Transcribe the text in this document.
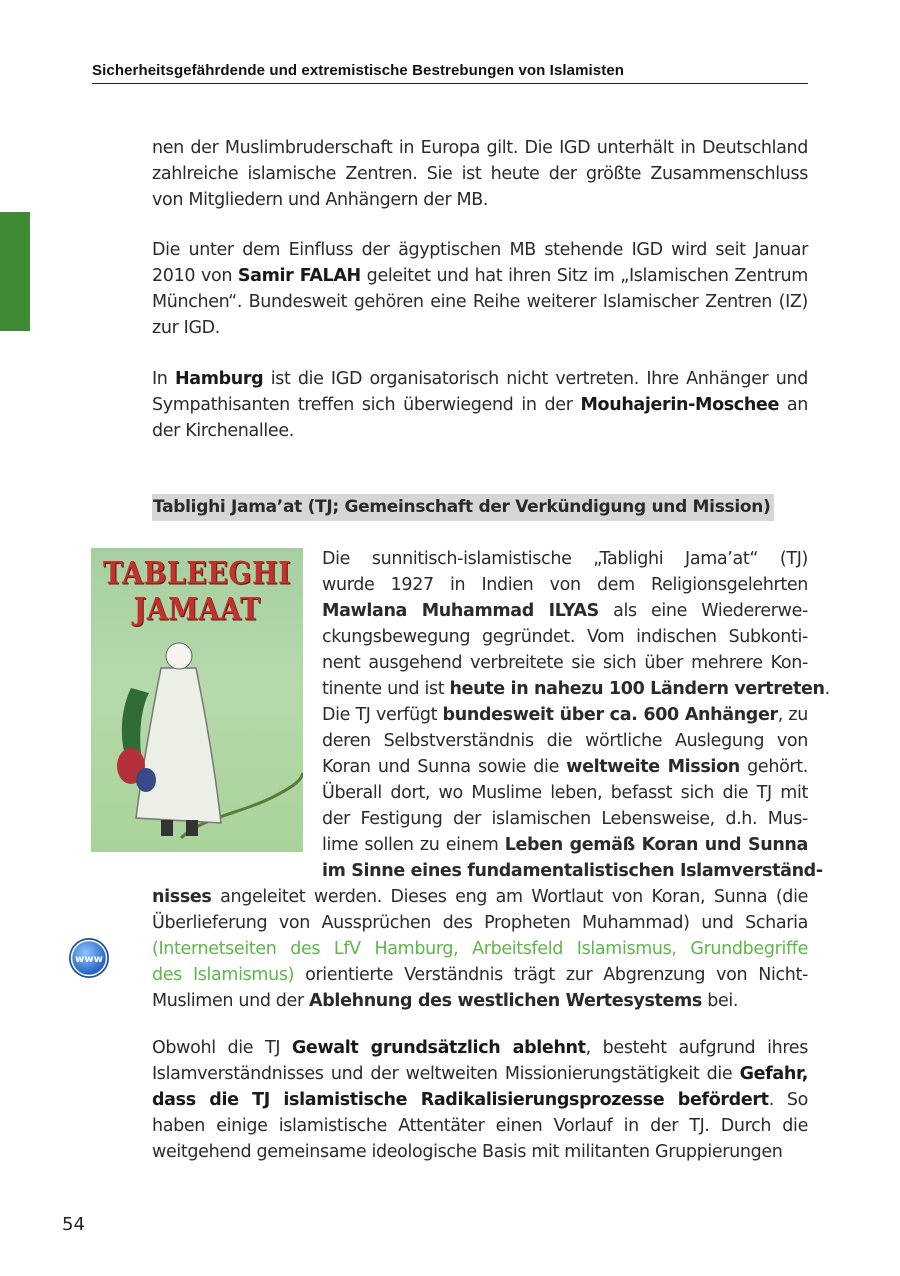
Sicherheitsgefährdende und extremistische Bestrebungen von Islamisten

nen der Muslimbruderschaft in Europa gilt. Die IGD unterhält in Deutschland zahlreiche islamische Zentren. Sie ist heute der größte Zusammenschluss von Mitgliedern und Anhängern der MB.

Die unter dem Einfluss der ägyptischen MB stehende IGD wird seit Januar 2010 von Samir FALAH geleitet und hat ihren Sitz im „Islamischen Zentrum München“. Bundesweit gehören eine Reihe weiterer Islamischer Zentren (IZ) zur IGD.

In Hamburg ist die IGD organisatorisch nicht vertreten. Ihre Anhänger und Sympathisanten treffen sich überwiegend in der Mouhajerin-Moschee an der Kirchenallee.

Tablighi Jama’at (TJ; Gemeinschaft der Verkündigung und Mission)
TABLEEGHI
JAMAAT
Die sunnitisch-islamistische „Tablighi Jama’at“ (TJ)
wurde 1927 in Indien von dem Religionsgelehrten
Mawlana Muhammad ILYAS als eine Wiedererwe-
ckungsbewegung gegründet. Vom indischen Subkonti-
nent ausgehend verbreitete sie sich über mehrere Kon-
tinente und ist heute in nahezu 100 Ländern vertreten.
Die TJ verfügt bundesweit über ca. 600 Anhänger, zu
deren Selbstverständnis die wörtliche Auslegung von
Koran und Sunna sowie die weltweite Mission gehört.
Überall dort, wo Muslime leben, befasst sich die TJ mit
der Festigung der islamischen Lebensweise, d.h. Mus-
lime sollen zu einem Leben gemäß Koran und Sunna
im Sinne eines fundamentalistischen Islamverständ-
nisses angeleitet werden. Dieses eng am Wortlaut von Koran, Sunna (die
Überlieferung von Aussprüchen des Propheten Muhammad) und Scharia
(Internetseiten des LfV Hamburg, Arbeitsfeld Islamismus, Grundbegriffe
des Islamismus) orientierte Verständnis trägt zur Abgrenzung von Nicht-
Muslimen und der Ablehnung des westlichen Wertesystems bei.
www

Obwohl die TJ Gewalt grundsätzlich ablehnt, besteht aufgrund ihres Islamverständnisses und der weltweiten Missionierungstätigkeit die Gefahr, dass die TJ islamistische Radikalisierungsprozesse befördert. So haben einige islamistische Attentäter einen Vorlauf in der TJ. Durch die weitgehend gemeinsame ideologische Basis mit militanten Gruppierungen

54
